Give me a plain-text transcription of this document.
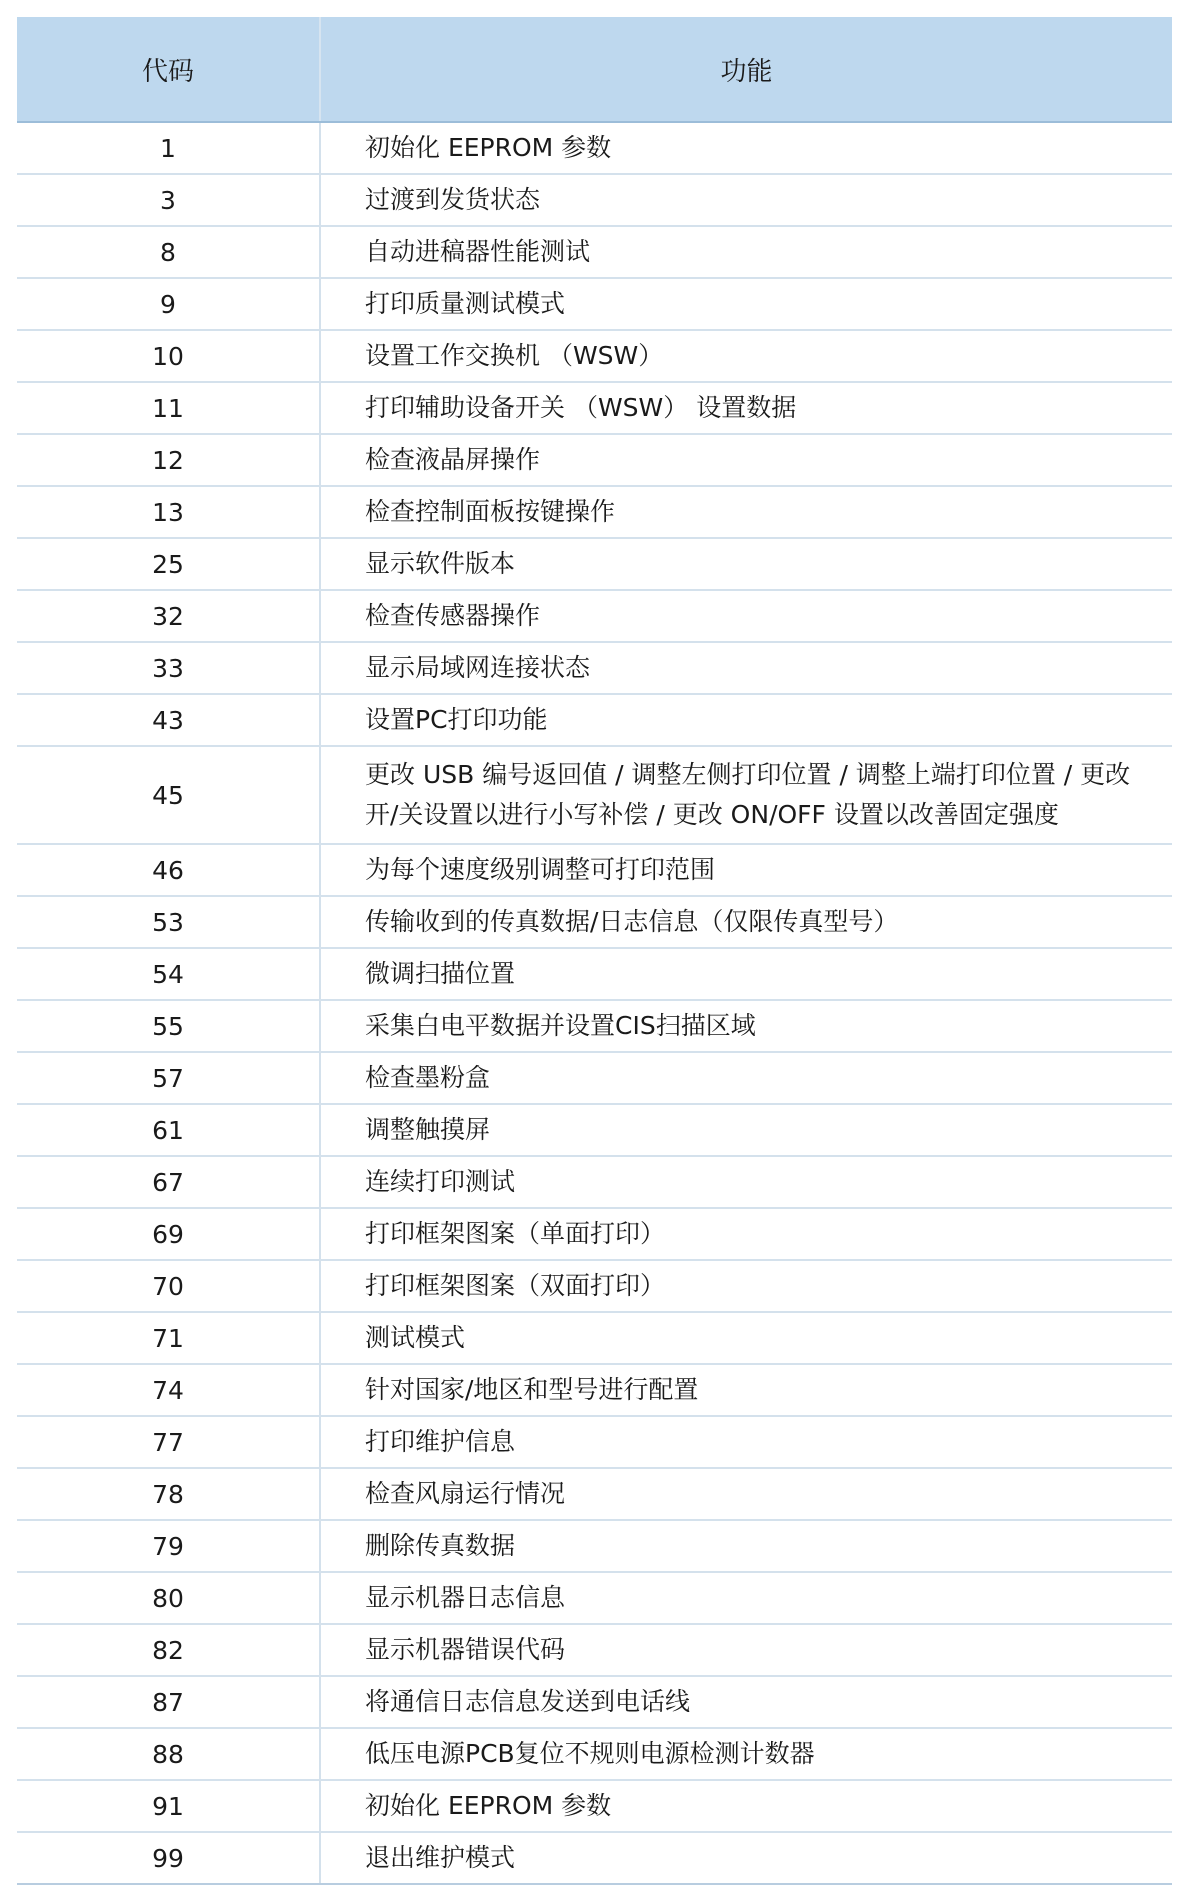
代码	功能
1	初始化 EEPROM 参数
3	过渡到发货状态
8	自动进稿器性能测试
9	打印质量测试模式
10	设置工作交换机 （WSW）
11	打印辅助设备开关 （WSW） 设置数据
12	检查液晶屏操作
13	检查控制面板按键操作
25	显示软件版本
32	检查传感器操作
33	显示局域网连接状态
43	设置PC打印功能
45	更改 USB 编号返回值 / 调整左侧打印位置 / 调整上端打印位置 / 更改开/关设置以进行小写补偿 / 更改 ON/OFF 设置以改善固定强度
46	为每个速度级别调整可打印范围
53	传输收到的传真数据/日志信息（仅限传真型号）
54	微调扫描位置
55	采集白电平数据并设置CIS扫描区域
57	检查墨粉盒
61	调整触摸屏
67	连续打印测试
69	打印框架图案（单面打印）
70	打印框架图案（双面打印）
71	测试模式
74	针对国家/地区和型号进行配置
77	打印维护信息
78	检查风扇运行情况
79	删除传真数据
80	显示机器日志信息
82	显示机器错误代码
87	将通信日志信息发送到电话线
88	低压电源PCB复位不规则电源检测计数器
91	初始化 EEPROM 参数
99	退出维护模式
